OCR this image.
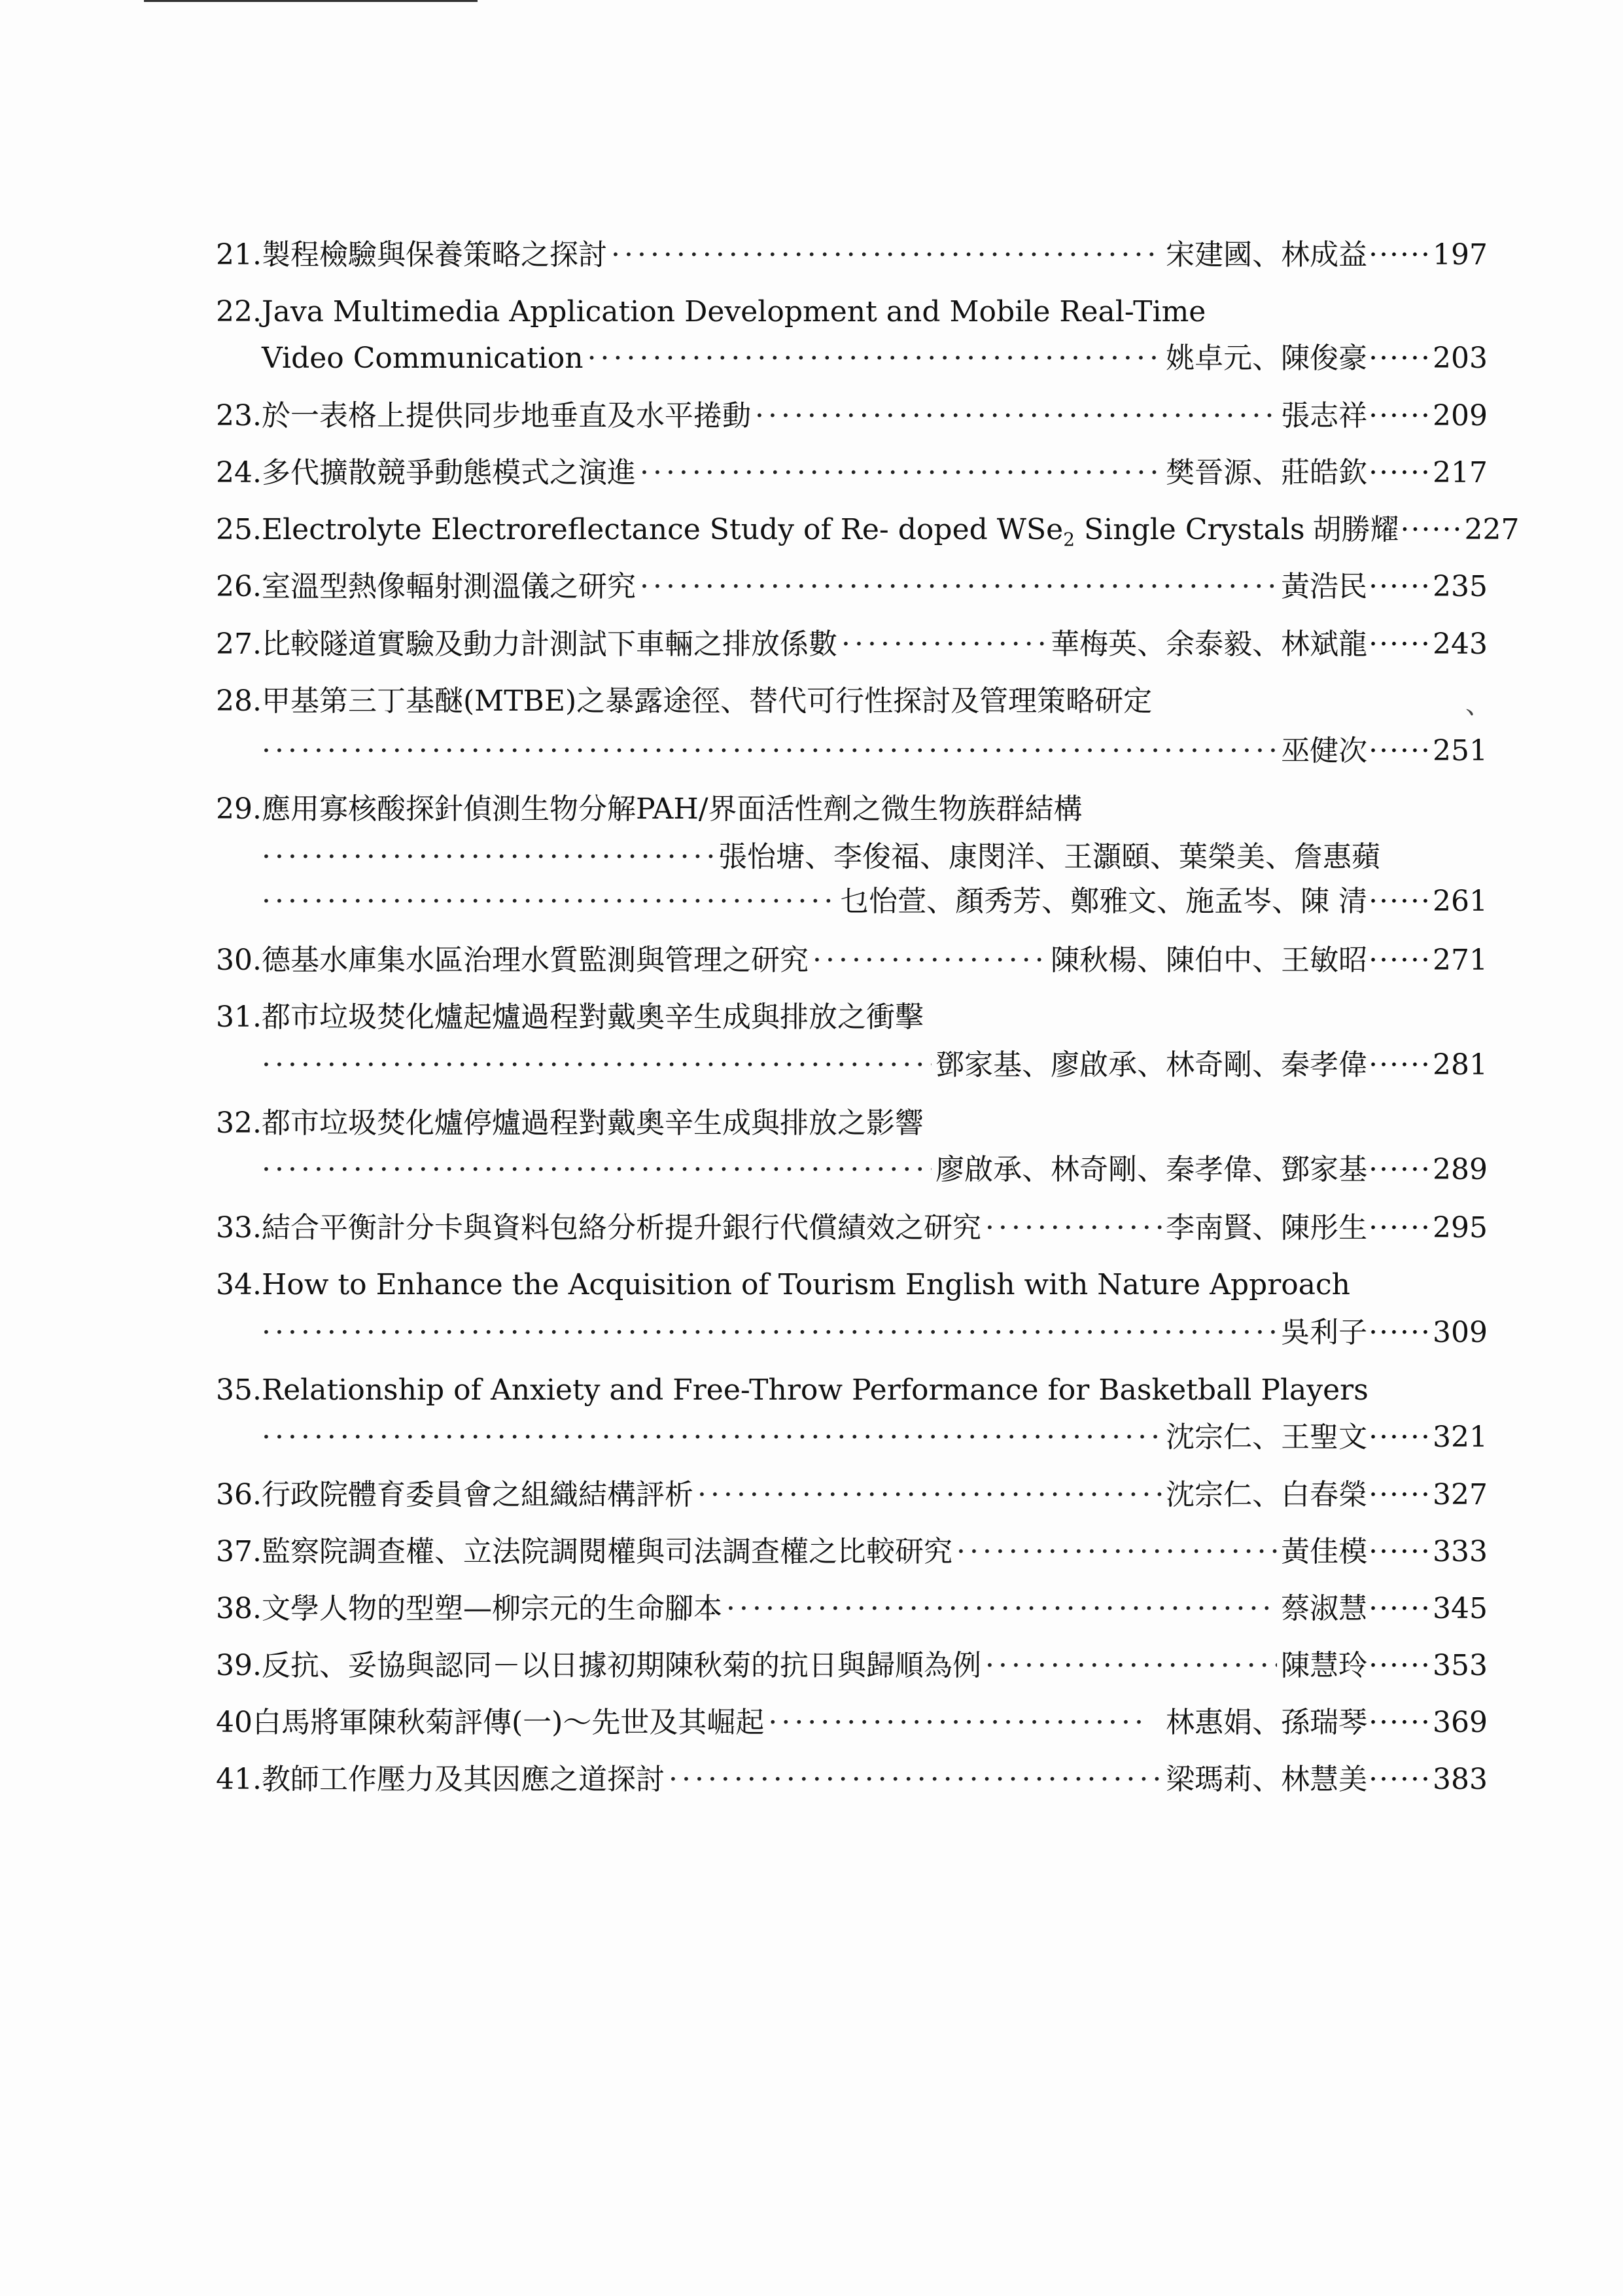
21.製程檢驗與保養策略之探討 ·····	宋建國、林成益 ······ 197
22.Java Multimedia Application Development and Mobile Real-Time
Video Communication ·····	姚卓元、陳俊豪 ······ 203
23.於一表格上提供同步地垂直及水平捲動 ·····	張志祥 ······ 209
24.多代擴散競爭動態模式之演進 ·····	樊晉源、莊皓欽 ······ 217
25.Electrolyte Electroreflectance Study of Re- doped WSe$_2$ Single Crystals 胡勝耀 ······ 227
26.室溫型熱像輻射測溫儀之研究 ·····	黃浩民 ······ 235
27.比較隧道實驗及動力計測試下車輛之排放係數 ·····	華梅英、余泰毅、林斌龍 ······ 243
28.甲基第三丁基醚(MTBE)之暴露途徑、替代可行性探討及管理策略研定	、
·····
巫健次 ······ 251
29.應用寡核酸探針偵測生物分解PAH/界面活性劑之微生物族群結構
·····
張怡塘、李俊福、康閔洋、王灝頤、葉榮美、詹惠蘋
·····
乜怡萱、顏秀芳、鄭雅文、施孟岑、陳 清 ······ 261
30.德基水庫集水區治理水質監測與管理之研究 ·····	陳秋楊、陳伯中、王敏昭 ······ 271
31.都市垃圾焚化爐起爐過程對戴奧辛生成與排放之衝擊
·····
鄧家基、廖啟承、林奇剛、秦孝偉 ······ 281
32.都市垃圾焚化爐停爐過程對戴奧辛生成與排放之影響
·····
廖啟承、林奇剛、秦孝偉、鄧家基 ······ 289
33.結合平衡計分卡與資料包絡分析提升銀行代償績效之研究 ·····	李南賢、陳彤生 ······ 295
34.How to Enhance the Acquisition of Tourism English with Nature Approach
·····
吳利子 ······ 309
35.Relationship of Anxiety and Free-Throw Performance for Basketball Players
·····
沈宗仁、王聖文 ······ 321
36.行政院體育委員會之組織結構評析 ·····	沈宗仁、白春榮 ······ 327
37.監察院調查權、立法院調閱權與司法調查權之比較研究 ·····	黃佳模 ······ 333
38.文學人物的型塑—柳宗元的生命腳本 ·····	蔡淑慧 ······ 345
39.反抗、妥協與認同－以日據初期陳秋菊的抗日與歸順為例 ·····	陳慧玲 ······ 353
40白馬將軍陳秋菊評傳(一)～先世及其崛起 ·····	林惠娟、孫瑞琴 ······ 369
41.教師工作壓力及其因應之道探討 ·····	梁瑪莉、林慧美 ······ 383
